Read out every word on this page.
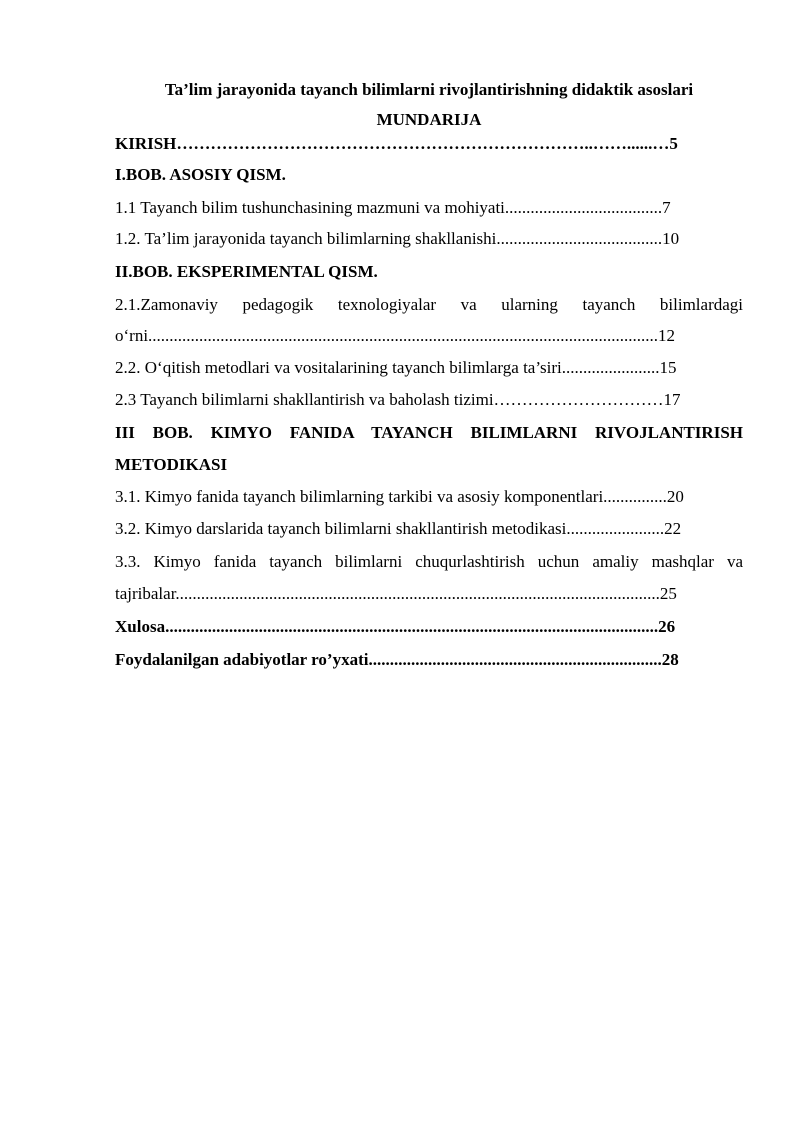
Ta’lim jarayonida tayanch bilimlarni rivojlantirishning didaktik asoslari
MUNDARIJA
KIRISH………………………………………………………………..……......…5
I.BOB. ASOSIY QISM.
1.1 Tayanch bilim tushunchasining mazmuni va mohiyati.....................................7
1.2. Ta’lim jarayonida tayanch bilimlarning shakllanishi.......................................10
II.BOB. EKSPERIMENTAL QISM.
2.1.Zamonaviy pedagogik texnologiyalar va ularning tayanch bilimlardagi
o‘rni........................................................................................................................12
2.2. O‘qitish metodlari va vositalarining tayanch bilimlarga ta’siri.......................15
2.3 Tayanch bilimlarni shakllantirish va baholash tizimi…………………………17
III BOB. KIMYO FANIDA TAYANCH BILIMLARNI RIVOJLANTIRISH
METODIKASI
3.1. Kimyo fanida tayanch bilimlarning tarkibi va asosiy komponentlari...............20
3.2. Kimyo darslarida tayanch bilimlarni shakllantirish metodikasi.......................22
3.3. Kimyo fanida tayanch bilimlarni chuqurlashtirish uchun amaliy mashqlar va
tajribalar..................................................................................................................25
Xulosa....................................................................................................................26
Foydalanilgan adabiyotlar ro’yxati.....................................................................28
